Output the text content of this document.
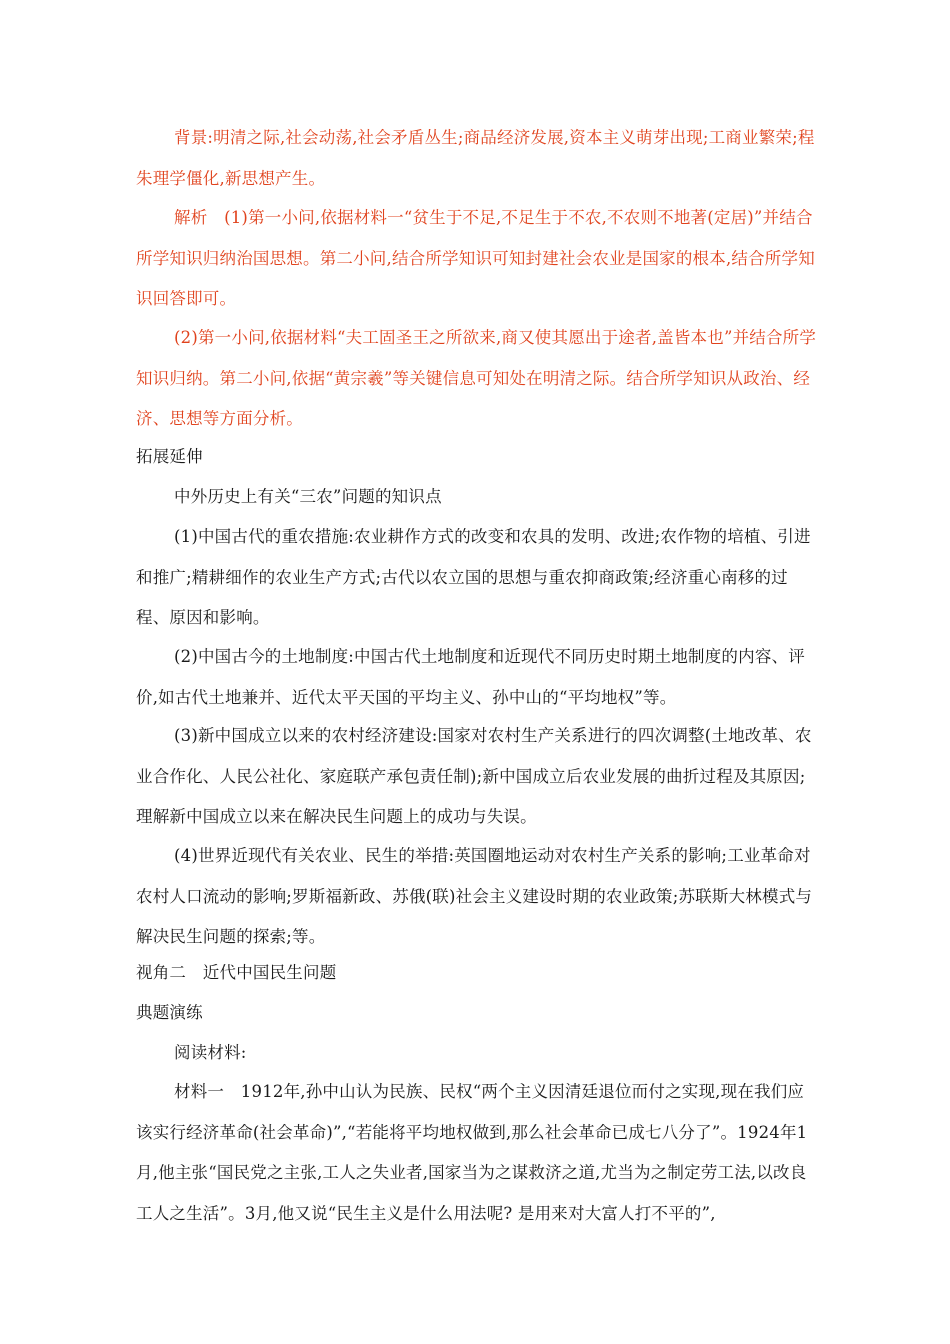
背景:明清之际,社会动荡,社会矛盾丛生;商品经济发展,资本主义萌芽出现;工商业繁荣;程朱理学僵化,新思想产生。

解析　(1)第一小问,依据材料一“贫生于不足,不足生于不农,不农则不地著(定居)”并结合所学知识归纳治国思想。第二小问,结合所学知识可知封建社会农业是国家的根本,结合所学知识回答即可。

(2)第一小问,依据材料“夫工固圣王之所欲来,商又使其愿出于途者,盖皆本也”并结合所学知识归纳。第二小问,依据“黄宗羲”等关键信息可知处在明清之际。结合所学知识从政治、经济、思想等方面分析。

拓展延伸

中外历史上有关“三农”问题的知识点

(1)中国古代的重农措施:农业耕作方式的改变和农具的发明、改进;农作物的培植、引进和推广;精耕细作的农业生产方式;古代以农立国的思想与重农抑商政策;经济重心南移的过程、原因和影响。

(2)中国古今的土地制度:中国古代土地制度和近现代不同历史时期土地制度的内容、评价,如古代土地兼并、近代太平天国的平均主义、孙中山的“平均地权”等。

(3)新中国成立以来的农村经济建设:国家对农村生产关系进行的四次调整(土地改革、农业合作化、人民公社化、家庭联产承包责任制);新中国成立后农业发展的曲折过程及其原因;理解新中国成立以来在解决民生问题上的成功与失误。

(4)世界近现代有关农业、民生的举措:英国圈地运动对农村生产关系的影响;工业革命对农村人口流动的影响;罗斯福新政、苏俄(联)社会主义建设时期的农业政策;苏联斯大林模式与解决民生问题的探索;等。

视角二　近代中国民生问题

典题演练

阅读材料:

材料一　1912年,孙中山认为民族、民权“两个主义因清廷退位而付之实现,现在我们应该实行经济革命(社会革命)”,“若能将平均地权做到,那么社会革命已成七八分了”。1924年1月,他主张“国民党之主张,工人之失业者,国家当为之谋救济之道,尤当为之制定劳工法,以改良工人之生活”。3月,他又说“民生主义是什么用法呢? 是用来对大富人打不平的”,
